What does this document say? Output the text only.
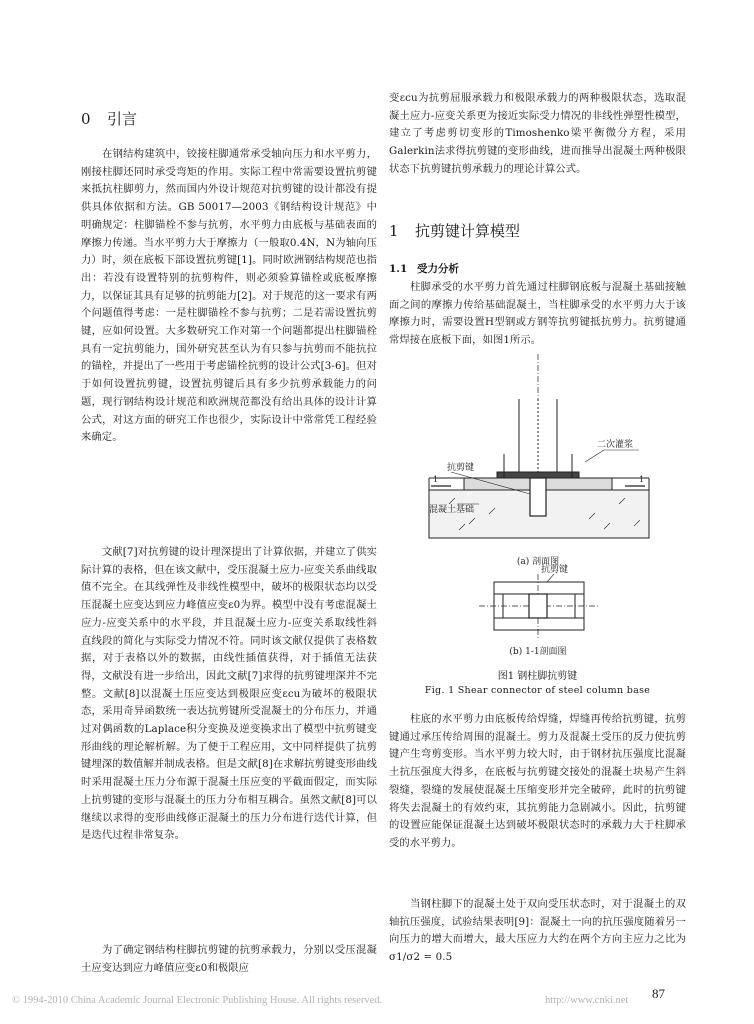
0 引言

在钢结构建筑中，铰接柱脚通常承受轴向压力和水平剪力，刚接柱脚还同时承受弯矩的作用。实际工程中常需要设置抗剪键来抵抗柱脚剪力，然而国内外设计规范对抗剪键的设计都没有提供具体依据和方法。GB 50017—2003《钢结构设计规范》中明确规定：柱脚锚栓不参与抗剪，水平剪力由底板与基础表面的摩擦力传递。当水平剪力大于摩擦力（一般取0.4N，N为轴向压力）时，须在底板下部设置抗剪键[1]。同时欧洲钢结构规范也指出：若没有设置特别的抗剪构件，则必须验算锚栓或底板摩擦力，以保证其具有足够的抗剪能力[2]。对于规范的这一要求有两个问题值得考虑：一是柱脚锚栓不参与抗剪；二是若需设置抗剪键，应如何设置。大多数研究工作对第一个问题都提出柱脚锚栓具有一定抗剪能力，国外研究甚至认为有只参与抗剪而不能抗拉的锚栓，并提出了一些用于考虑锚栓抗剪的设计公式[3-6]。但对于如何设置抗剪键，设置抗剪键后具有多少抗剪承载能力的问题，现行钢结构设计规范和欧洲规范都没有给出具体的设计计算公式，对这方面的研究工作也很少，实际设计中常常凭工程经验来确定。

文献[7]对抗剪键的设计理深提出了计算依据，并建立了供实际计算的表格，但在该文献中，受压混凝土应力-应变关系曲线取值不完全。在其线弹性及非线性模型中，破坏的极限状态均以受压混凝土应变达到应力峰值应变ε0为界。模型中没有考虑混凝土应力-应变关系中的水平段，并且混凝土应力-应变关系取线性斜直线段的简化与实际受力情况不符。同时该文献仅提供了表格数据，对于表格以外的数据，由线性插值获得，对于插值无法获得，文献没有进一步给出，因此文献[7]求得的抗剪键埋深并不完整。文献[8]以混凝土压应变达到极限应变εcu为破坏的极限状态，采用奇异函数统一表达抗剪键所受混凝土的分布压力，并通过对偶函数的Laplace积分变换及逆变换求出了模型中抗剪键变形曲线的理论解析解。为了便于工程应用，文中同样提供了抗剪键埋深的数值解并制成表格。但是文献[8]在求解抗剪键变形曲线时采用混凝土压力分布源于混凝土压应变的平截面假定，而实际上抗剪键的变形与混凝土的压力分布相互耦合。虽然文献[8]可以继续以求得的变形曲线修正混凝土的压力分布进行迭代计算，但是迭代过程非常复杂。

为了确定钢结构柱脚抗剪键的抗剪承载力，分别以受压混凝土应变达到应力峰值应变ε0和极限应

变εcu为抗剪屈服承载力和极限承载力的两种极限状态，选取混凝土应力-应变关系更为接近实际受力情况的非线性弹塑性模型，建立了考虑剪切变形的Timoshenko梁平衡微分方程，采用Galerkin法求得抗剪键的变形曲线，进而推导出混凝土两种极限状态下抗剪键抗剪承载力的理论计算公式。

1 抗剪键计算模型
1.1 受力分析

柱脚承受的水平剪力首先通过柱脚钢底板与混凝土基础接触面之间的摩擦力传给基础混凝土，当柱脚承受的水平剪力大于该摩擦力时，需要设置H型钢或方钢等抗剪键抵抗剪力。抗剪键通常焊接在底板下面，如图1所示。

柱底的水平剪力由底板传给焊缝，焊缝再传给抗剪键，抗剪键通过承压传给周围的混凝土。剪力及混凝土受压的反力使抗剪键产生弯剪变形。当水平剪力较大时，由于钢材抗压强度比混凝土抗压强度大得多，在底板与抗剪键交接处的混凝土块易产生斜裂缝，裂缝的发展使混凝土压缩变形并完全破碎，此时的抗剪键将失去混凝土的有效约束，其抗剪能力急剧减小。因此，抗剪键的设置应能保证混凝土达到破坏极限状态时的承载力大于柱脚承受的水平剪力。

当钢柱脚下的混凝土处于双向受压状态时，对于混凝土的双轴抗压强度，试验结果表明[9]：混凝土一向的抗压强度随着另一向压力的增大而增大，最大压应力大约在两个方向主应力之比为σ1/σ2 = 0.5

二次灌浆
抗剪键
混凝土基础
1	1
(a) 剖面图
抗剪键
(b) 1-1剖面图

图1 钢柱脚抗剪键

Fig. 1 Shear connector of steel column base

© 1994-2010 China Academic Journal Electronic Publishing House. All rights reserved.	http://www.cnki.net 87
